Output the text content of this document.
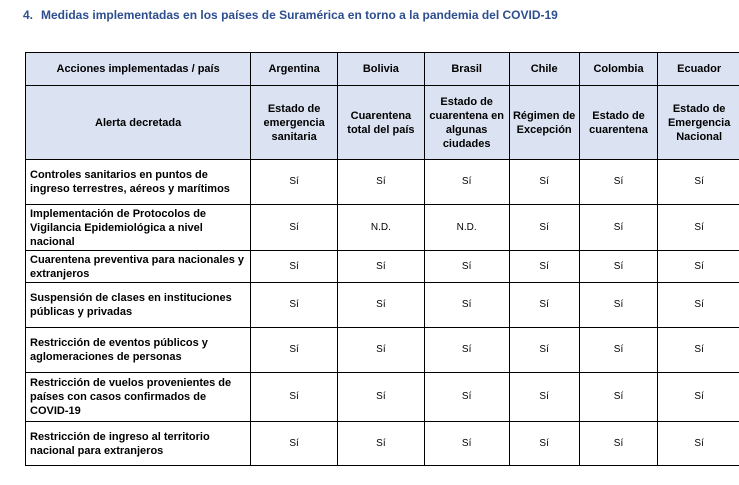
4. Medidas implementadas en los países de Suramérica en torno a la pandemia del COVID-19
Acciones implementadas / país	Argentina	Bolivia	Brasil	Chile	Colombia	Ecuador
Alerta decretada	Estado de emergencia sanitaria	Cuarentena total del país	Estado de cuarentena en algunas ciudades	Régimen de Excepción	Estado de cuarentena	Estado de Emergencia Nacional
Controles sanitarios en puntos de ingreso terrestres, aéreos y marítimos	Sí	Sí	Sí	Sí	Sí	Sí
Implementación de Protocolos de Vigilancia Epidemiológica a nivel nacional	Sí	N.D.	N.D.	Sí	Sí	Sí
Cuarentena preventiva para nacionales y extranjeros	Sí	Sí	Sí	Sí	Sí	Sí
Suspensión de clases en instituciones públicas y privadas	Sí	Sí	Sí	Sí	Sí	Sí
Restricción de eventos públicos y aglomeraciones de personas	Sí	Sí	Sí	Sí	Sí	Sí
Restricción de vuelos provenientes de países con casos confirmados de COVID-19	Sí	Sí	Sí	Sí	Sí	Sí
Restricción de ingreso al territorio nacional para extranjeros	Sí	Sí	Sí	Sí	Sí	Sí
